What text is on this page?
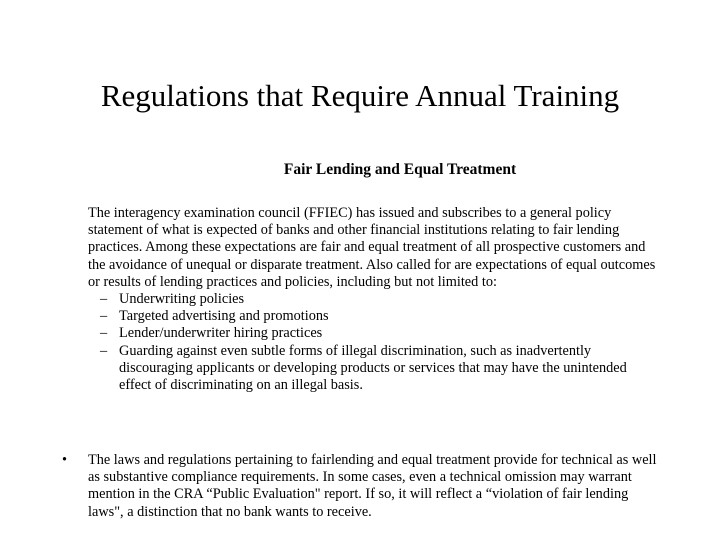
Regulations that Require Annual Training
Fair Lending and Equal Treatment

The interagency examination council (FFIEC) has issued and subscribes to a general policy statement of what is expected of banks and other financial institutions relating to fair lending practices. Among these expectations are fair and equal treatment of all prospective customers and the avoidance of unequal or disparate treatment. Also called for are expectations of equal outcomes or results of lending practices and policies, including but not limited to:

– Underwriting policies
– Targeted advertising and promotions
– Lender/underwriter hiring practices
– Guarding against even subtle forms of illegal discrimination, such as inadvertently discouraging applicants or developing products or services that may have the unintended effect of discriminating on an illegal basis.
• The laws and regulations pertaining to fairlending and equal treatment provide for technical as well as substantive compliance requirements. In some cases, even a technical omission may warrant mention in the CRA “Public Evaluation" report. If so, it will reflect a “violation of fair lending laws", a distinction that no bank wants to receive.
